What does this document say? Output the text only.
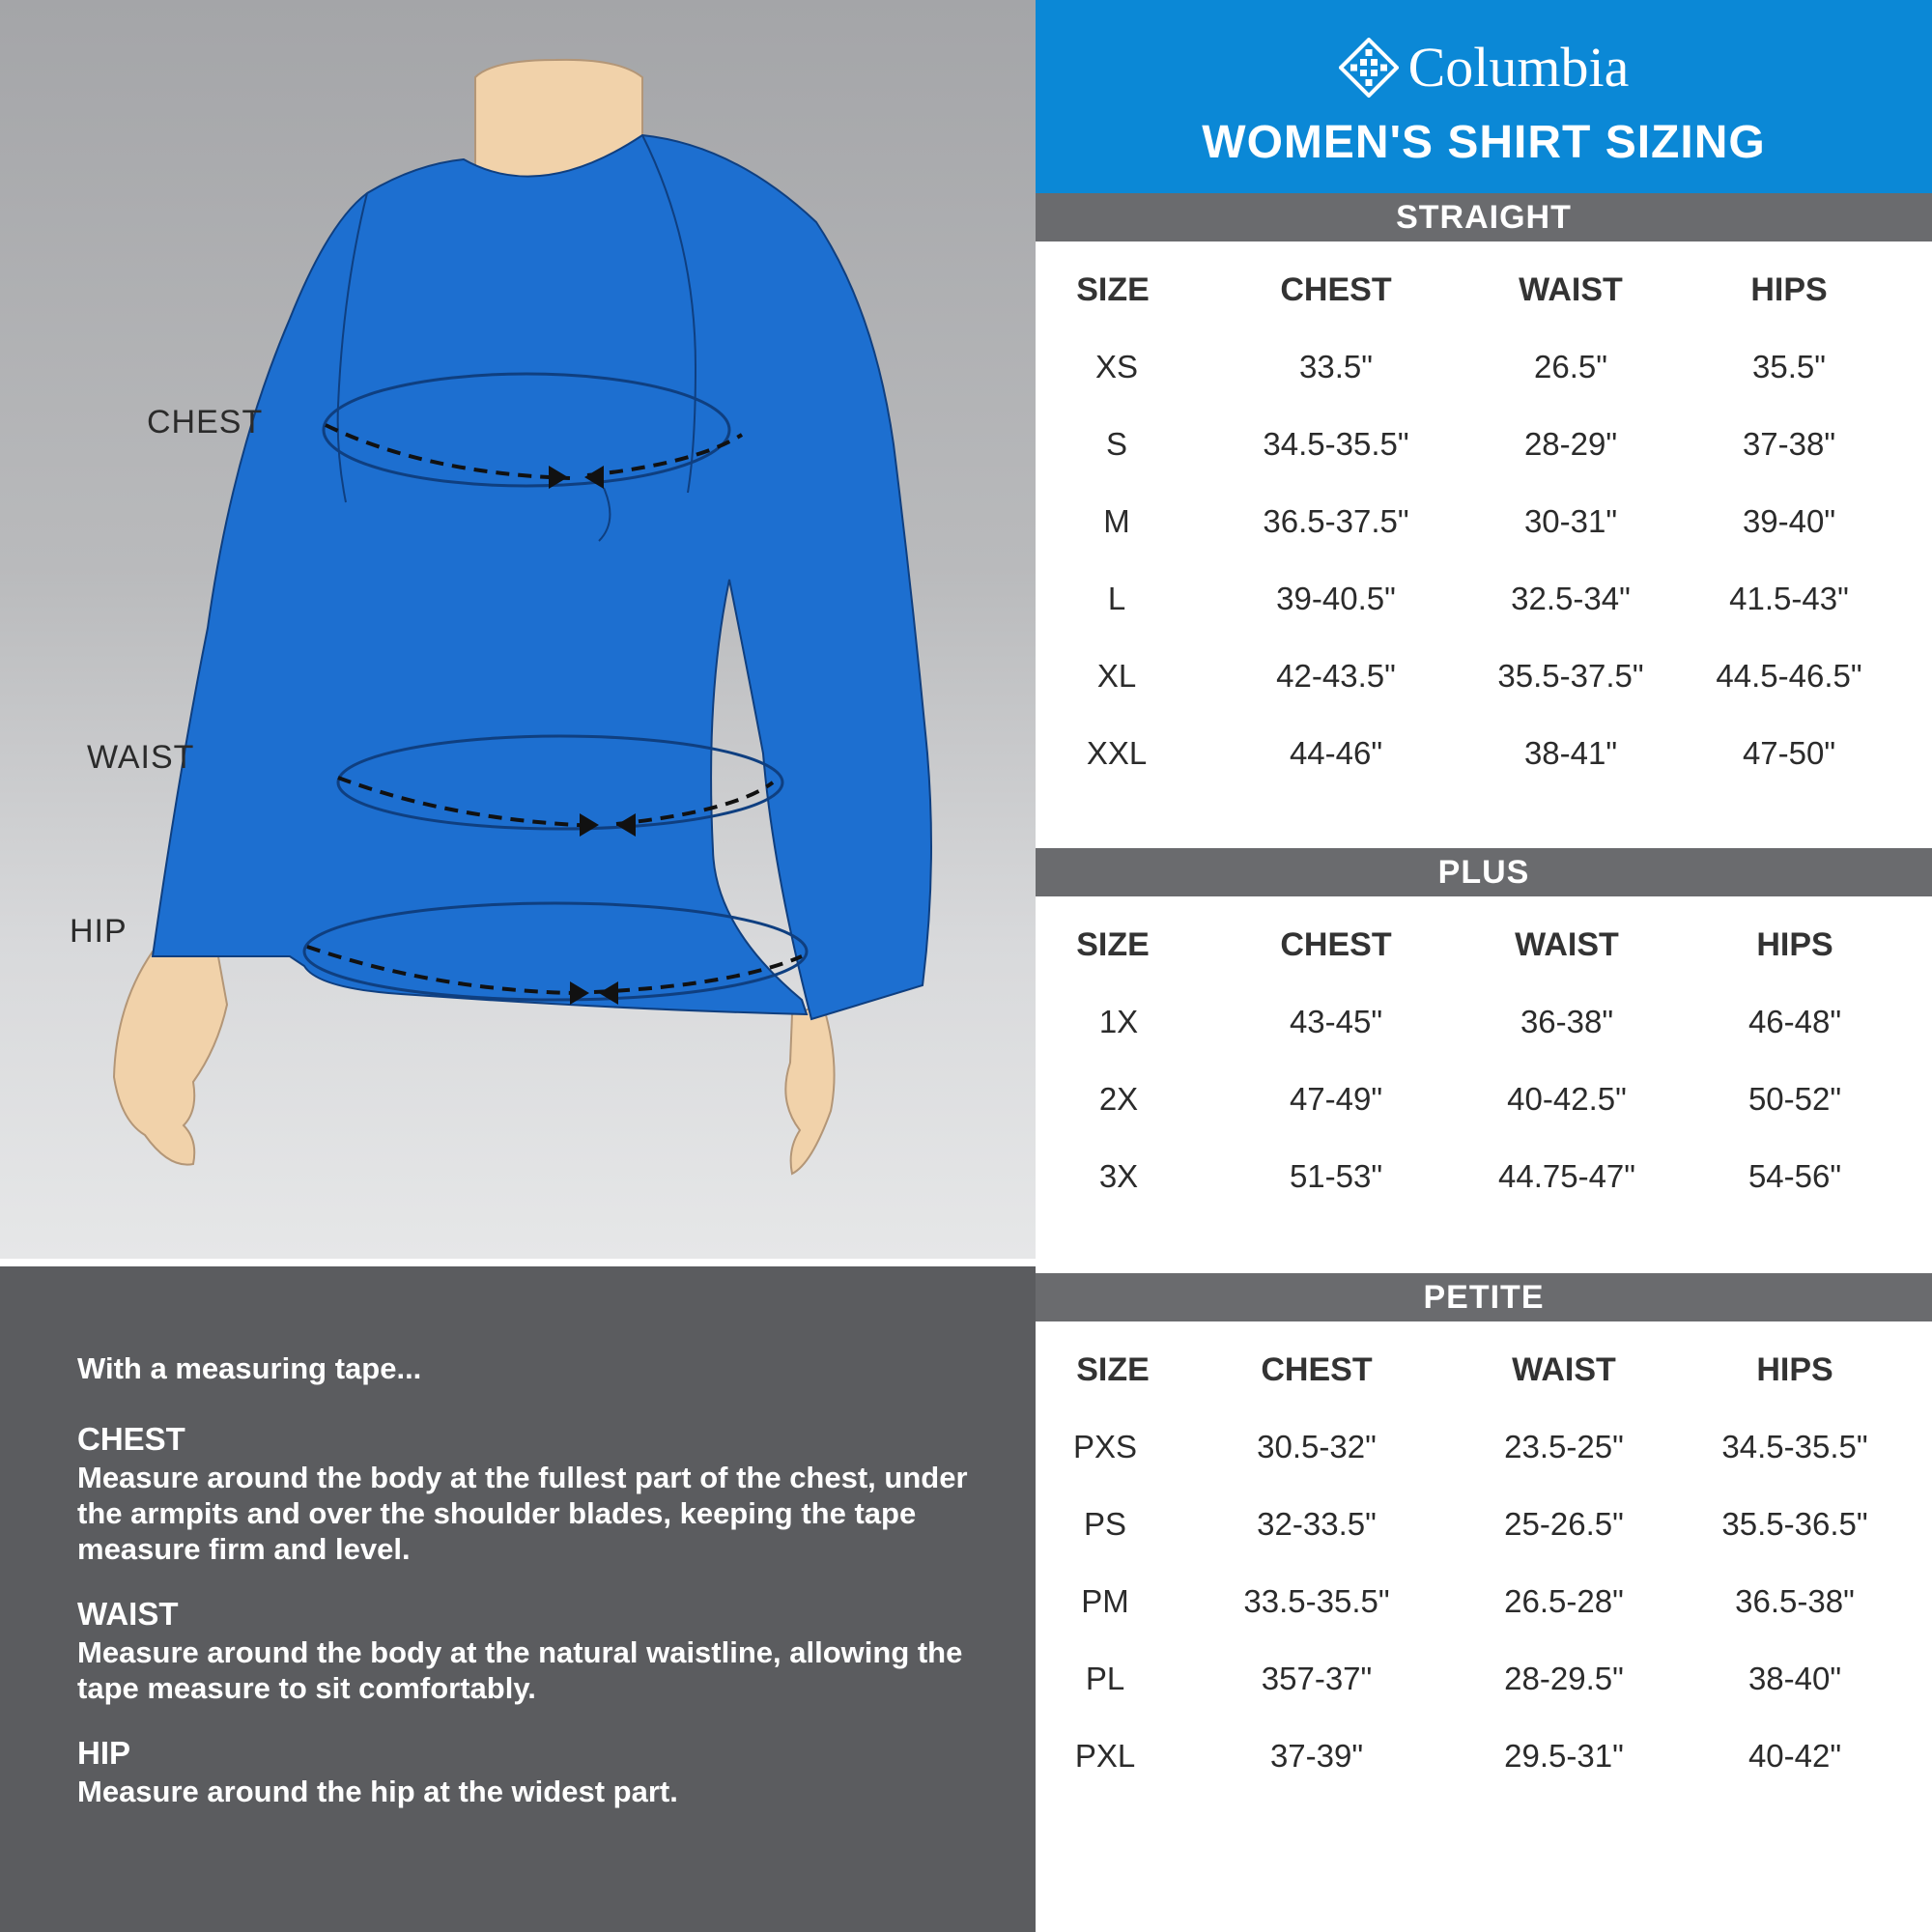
CHEST
WAIST
HIP

With a measuring tape...

CHEST

Measure around the body at the fullest part of the chest, under the armpits and over the shoulder blades, keeping the tape measure firm and level.

WAIST

Measure around the body at the natural waistline, allowing the tape measure to sit comfortably.

HIP

Measure around the hip at the widest part.

Columbia
WOMEN'S SHIRT SIZING
STRAIGHT
SIZE	CHEST	WAIST	HIPS
XS	33.5"	26.5"	35.5"
S	34.5-35.5"	28-29"	37-38"
M	36.5-37.5"	30-31"	39-40"
L	39-40.5"	32.5-34"	41.5-43"
XL	42-43.5"	35.5-37.5" 44.5-46.5"
XXL	44-46"	38-41"	47-50"
PLUS
SIZE	CHEST	WAIST	HIPS
1X	43-45"	36-38"	46-48"
2X	47-49"	40-42.5"	50-52"
3X	51-53"	44.75-47"	54-56"
PETITE
SIZE	CHEST	WAIST	HIPS
PXS	30.5-32"	23.5-25"	34.5-35.5"
PS	32-33.5"	25-26.5"	35.5-36.5"
PM	33.5-35.5"	26.5-28"	36.5-38"
PL	357-37"	28-29.5"	38-40"
PXL	37-39"	29.5-31"	40-42"
